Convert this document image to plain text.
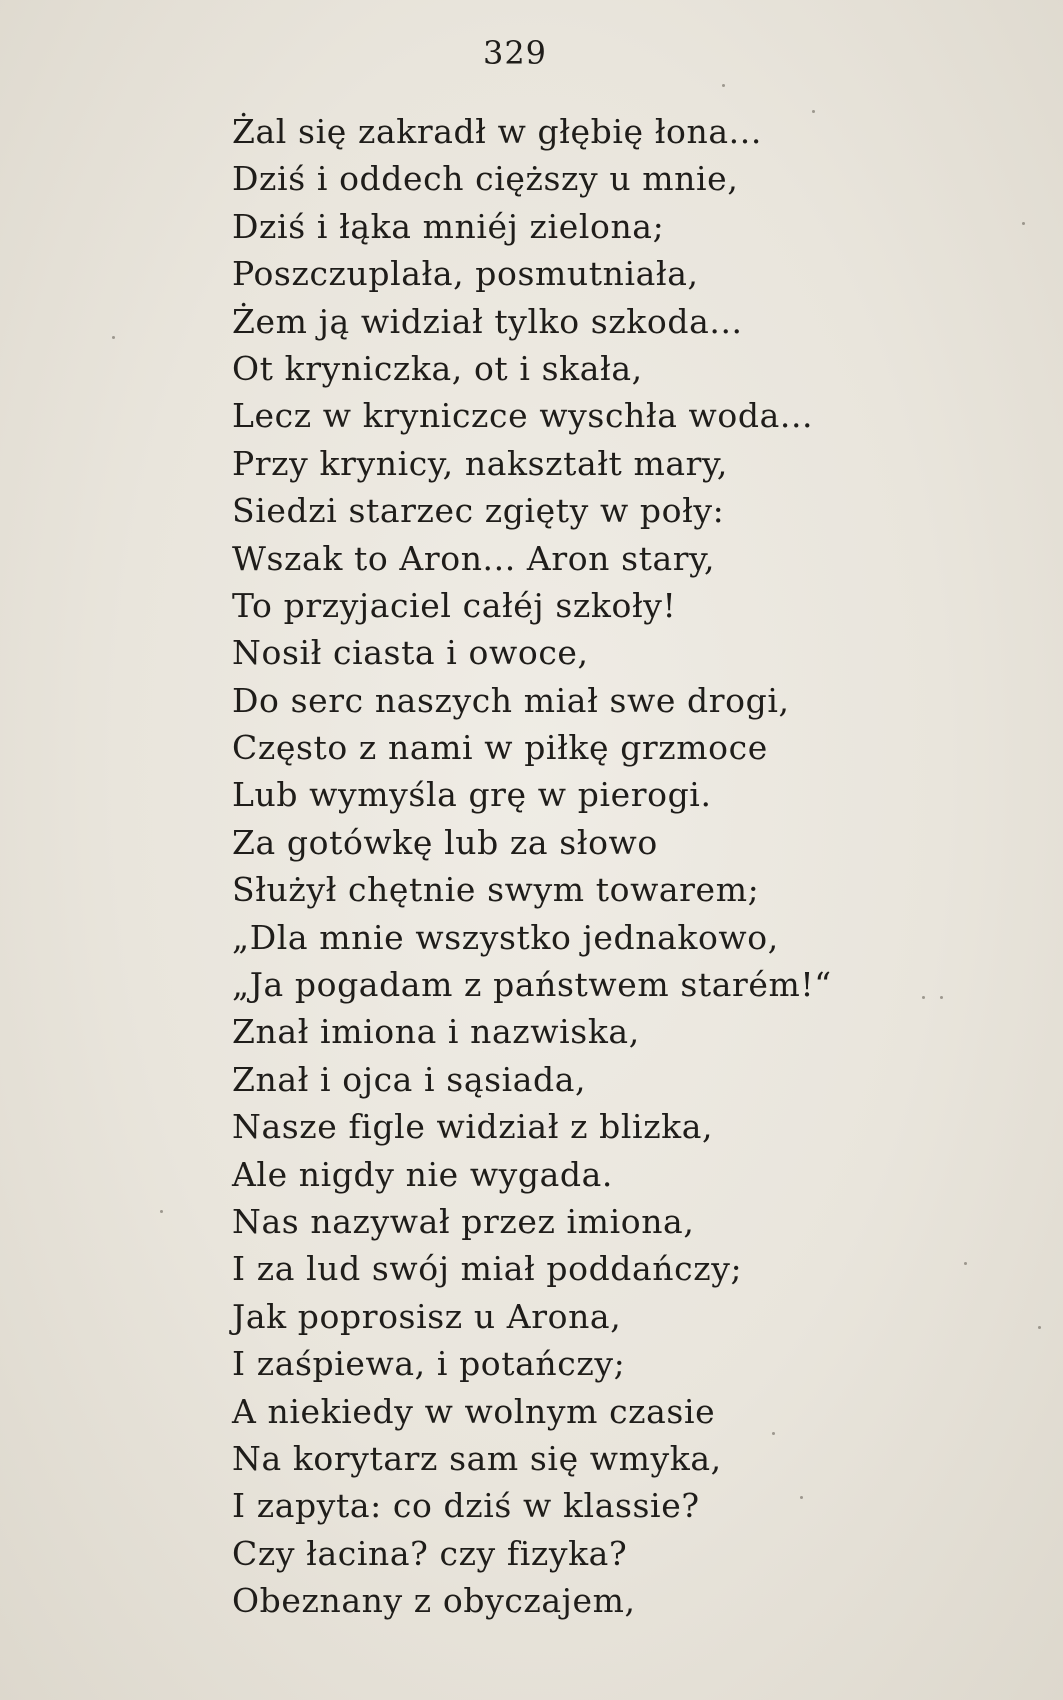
329
Żal się zakradł w głębię łona...
Dziś i oddech cięższy u mnie,
Dziś i łąka mniéj zielona;
Poszczuplała, posmutniała,
Żem ją widział tylko szkoda...
Ot kryniczka, ot i skała,
Lecz w kryniczce wyschła woda...
Przy krynicy, nakształt mary,
Siedzi starzec zgięty w poły:
Wszak to Aron... Aron stary,
To przyjaciel całéj szkoły!
Nosił ciasta i owoce,
Do serc naszych miał swe drogi,
Często z nami w piłkę grzmoce
Lub wymyśla grę w pierogi.
Za gotówkę lub za słowo
Służył chętnie swym towarem;
„Dla mnie wszystko jednakowo,
„Ja pogadam z państwem starém!“
Znał imiona i nazwiska,
Znał i ojca i sąsiada,
Nasze figle widział z blizka,
Ale nigdy nie wygada.
Nas nazywał przez imiona,
I za lud swój miał poddańczy;
Jak poprosisz u Arona,
I zaśpiewa, i potańczy;
A niekiedy w wolnym czasie
Na korytarz sam się wmyka,
I zapyta: co dziś w klassie?
Czy łacina? czy fizyka?
Obeznany z obyczajem,
